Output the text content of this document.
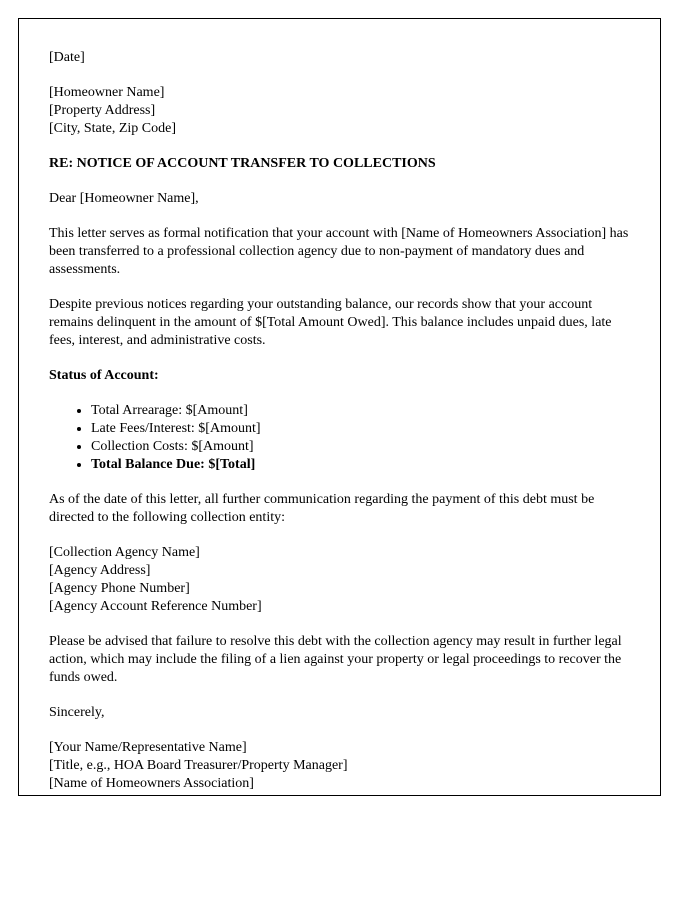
[Date]

[Homeowner Name]
[Property Address]
[City, State, Zip Code]

RE: NOTICE OF ACCOUNT TRANSFER TO COLLECTIONS

Dear [Homeowner Name],

This letter serves as formal notification that your account with [Name of Homeowners Association] has been transferred to a professional collection agency due to non-payment of mandatory dues and assessments.

Despite previous notices regarding your outstanding balance, our records show that your account remains delinquent in the amount of $[Total Amount Owed]. This balance includes unpaid dues, late fees, interest, and administrative costs.

Status of Account:

• Total Arrearage: $[Amount]
• Late Fees/Interest: $[Amount]
• Collection Costs: $[Amount]
• Total Balance Due: $[Total]

As of the date of this letter, all further communication regarding the payment of this debt must be directed to the following collection entity:

[Collection Agency Name]
[Agency Address]
[Agency Phone Number]
[Agency Account Reference Number]

Please be advised that failure to resolve this debt with the collection agency may result in further legal action, which may include the filing of a lien against your property or legal proceedings to recover the funds owed.

Sincerely,

[Your Name/Representative Name]
[Title, e.g., HOA Board Treasurer/Property Manager]
[Name of Homeowners Association]
